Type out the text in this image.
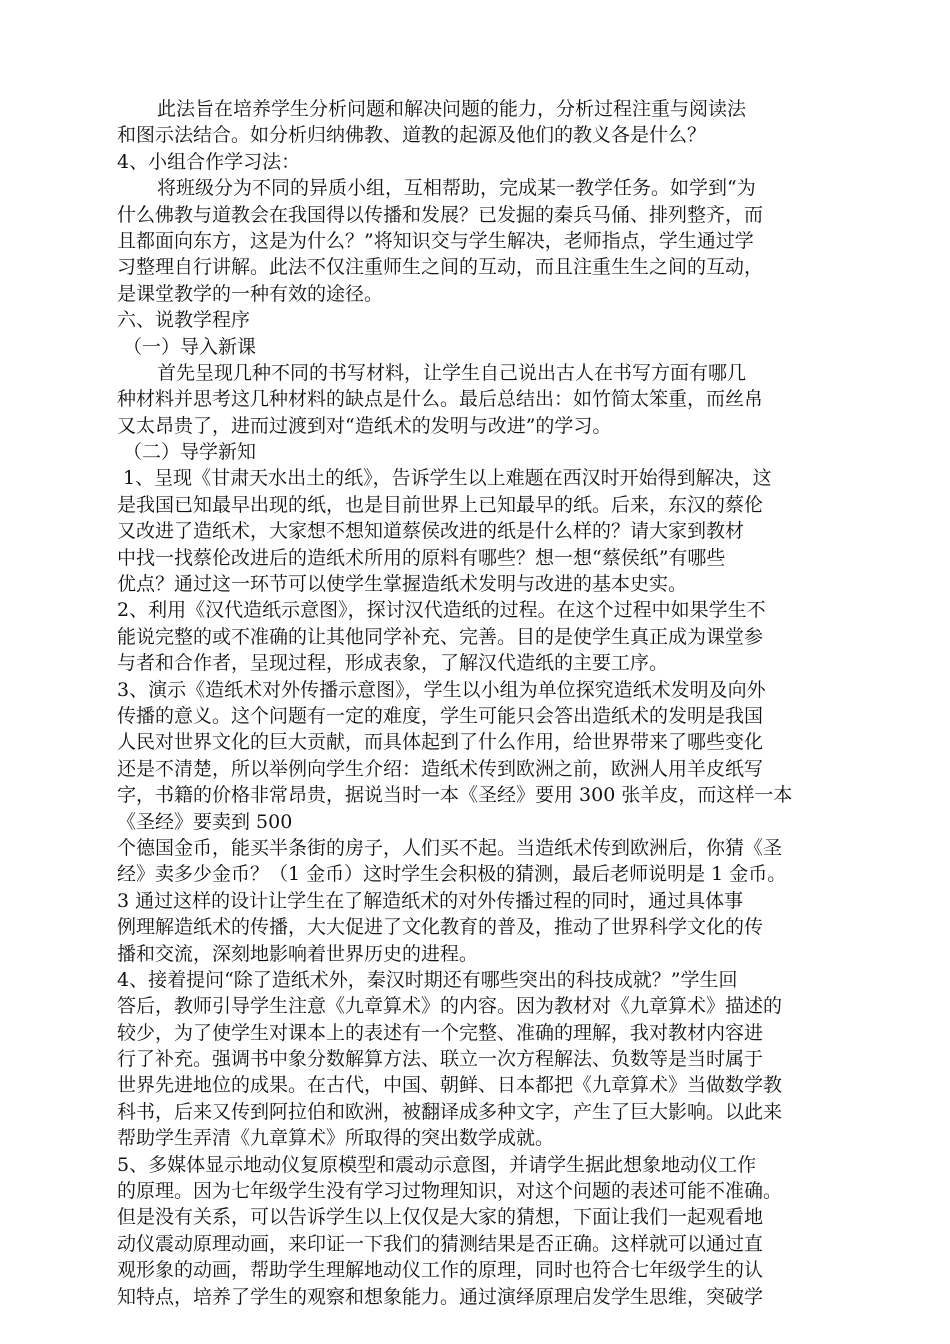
此法旨在培养学生分析问题和解决问题的能力，分析过程注重与阅读法
和图示法结合。如分析归纳佛教、道教的起源及他们的教义各是什么？
4、小组合作学习法：
将班级分为不同的异质小组，互相帮助，完成某一教学任务。如学到“为
什么佛教与道教会在我国得以传播和发展？已发掘的秦兵马俑、排列整齐，而
且都面向东方，这是为什么？”将知识交与学生解决，老师指点，学生通过学
习整理自行讲解。此法不仅注重师生之间的互动，而且注重生生之间的互动，
是课堂教学的一种有效的途径。
六、说教学程序
（一）导入新课
首先呈现几种不同的书写材料，让学生自己说出古人在书写方面有哪几
种材料并思考这几种材料的缺点是什么。最后总结出：如竹简太笨重，而丝帛
又太昂贵了，进而过渡到对“造纸术的发明与改进”的学习。
（二）导学新知
1、呈现《甘肃天水出土的纸》，告诉学生以上难题在西汉时开始得到解决，这
是我国已知最早出现的纸，也是目前世界上已知最早的纸。后来，东汉的蔡伦
又改进了造纸术，大家想不想知道蔡侯改进的纸是什么样的？请大家到教材
中找一找蔡伦改进后的造纸术所用的原料有哪些？想一想“蔡侯纸”有哪些
优点？通过这一环节可以使学生掌握造纸术发明与改进的基本史实。
2、利用《汉代造纸示意图》，探讨汉代造纸的过程。在这个过程中如果学生不
能说完整的或不准确的让其他同学补充、完善。目的是使学生真正成为课堂参
与者和合作者，呈现过程，形成表象，了解汉代造纸的主要工序。
3、演示《造纸术对外传播示意图》，学生以小组为单位探究造纸术发明及向外
传播的意义。这个问题有一定的难度，学生可能只会答出造纸术的发明是我国
人民对世界文化的巨大贡献，而具体起到了什么作用，给世界带来了哪些变化
还是不清楚，所以举例向学生介绍：造纸术传到欧洲之前，欧洲人用羊皮纸写
字，书籍的价格非常昂贵，据说当时一本《圣经》要用 300 张羊皮，而这样一本
《圣经》要卖到 500
个德国金币，能买半条街的房子，人们买不起。当造纸术传到欧洲后，你猜《圣
经》卖多少金币？（1 金币）这时学生会积极的猜测，最后老师说明是 1 金币。
3 通过这样的设计让学生在了解造纸术的对外传播过程的同时，通过具体事
例理解造纸术的传播，大大促进了文化教育的普及，推动了世界科学文化的传
播和交流，深刻地影响着世界历史的进程。
4、接着提问“除了造纸术外，秦汉时期还有哪些突出的科技成就？”学生回
答后，教师引导学生注意《九章算术》的内容。因为教材对《九章算术》描述的
较少，为了使学生对课本上的表述有一个完整、准确的理解，我对教材内容进
行了补充。强调书中象分数解算方法、联立一次方程解法、负数等是当时属于
世界先进地位的成果。在古代，中国、朝鲜、日本都把《九章算术》当做数学教
科书，后来又传到阿拉伯和欧洲，被翻译成多种文字，产生了巨大影响。以此来
帮助学生弄清《九章算术》所取得的突出数学成就。
5、多媒体显示地动仪复原模型和震动示意图，并请学生据此想象地动仪工作
的原理。因为七年级学生没有学习过物理知识，对这个问题的表述可能不准确。
但是没有关系，可以告诉学生以上仅仅是大家的猜想，下面让我们一起观看地
动仪震动原理动画，来印证一下我们的猜测结果是否正确。这样就可以通过直
观形象的动画，帮助学生理解地动仪工作的原理，同时也符合七年级学生的认
知特点，培养了学生的观察和想象能力。通过演绎原理启发学生思维，突破学
